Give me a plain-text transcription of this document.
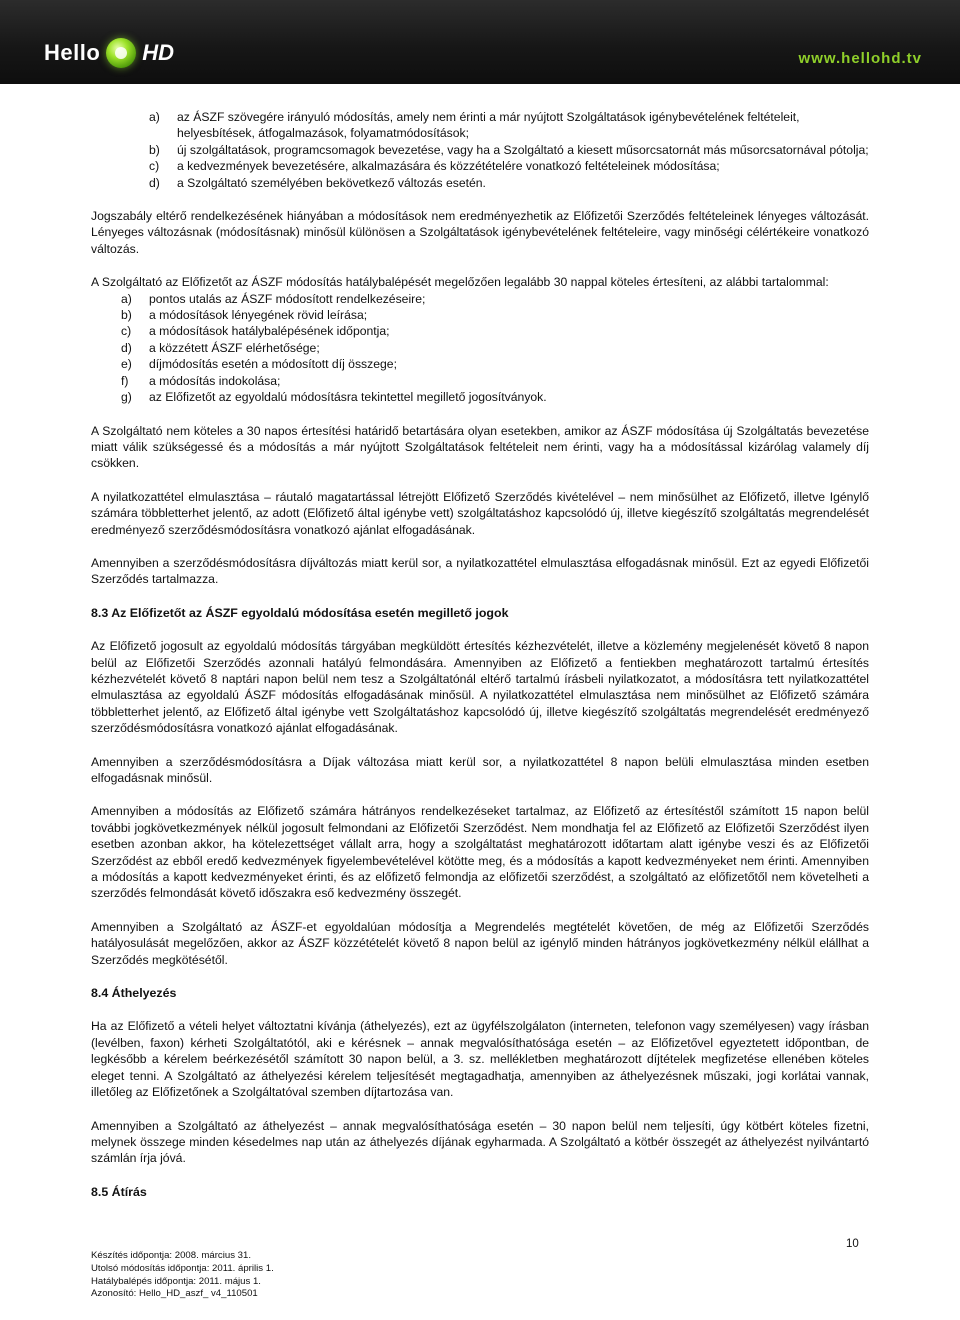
Hello HD	www.hellohd.tv
a)	az ÁSZF szövegére irányuló módosítás, amely nem érinti a már nyújtott Szolgáltatások igénybevételének feltételeit, helyesbítések, átfogalmazások, folyamatmódosítások;
b)	új szolgáltatások, programcsomagok bevezetése, vagy ha a Szolgáltató a kiesett műsorcsatornát más műsorcsatornával pótolja;
c)	a kedvezmények bevezetésére, alkalmazására és közzétételére vonatkozó feltételeinek módosítása;
d)	a Szolgáltató személyében bekövetkező változás esetén.

Jogszabály eltérő rendelkezésének hiányában a módosítások nem eredményezhetik az Előfizetői Szerződés feltételeinek lényeges változását. Lényeges változásnak (módosításnak) minősül különösen a Szolgáltatások igénybevételének feltételeire, vagy minőségi célértékeire vonatkozó változás.

A Szolgáltató az Előfizetőt az ÁSZF módosítás hatálybalépését megelőzően legalább 30 nappal köteles értesíteni, az alábbi tartalommal:

a)	pontos utalás az ÁSZF módosított rendelkezéseire;
b)	a módosítások lényegének rövid leírása;
c)	a módosítások hatálybalépésének időpontja;
d)	a közzétett ÁSZF elérhetősége;
e)	díjmódosítás esetén a módosított díj összege;
f)	a módosítás indokolása;
g)	az Előfizetőt az egyoldalú módosításra tekintettel megillető jogosítványok.

A Szolgáltató nem köteles a 30 napos értesítési határidő betartására olyan esetekben, amikor az ÁSZF módosítása új Szolgáltatás bevezetése miatt válik szükségessé és a módosítás a már nyújtott Szolgáltatások feltételeit nem érinti, vagy ha a módosítással kizárólag valamely díj csökken.

A nyilatkozattétel elmulasztása – ráutaló magatartással létrejött Előfizető Szerződés kivételével – nem minősülhet az Előfizető, illetve Igénylő számára többletterhet jelentő, az adott (Előfizető által igénybe vett) szolgáltatáshoz kapcsolódó új, illetve kiegészítő szolgáltatás megrendelését eredményező szerződésmódosításra vonatkozó ajánlat elfogadásának.

Amennyiben a szerződésmódosításra díjváltozás miatt kerül sor, a nyilatkozattétel elmulasztása elfogadásnak minősül. Ezt az egyedi Előfizetői Szerződés tartalmazza.

8.3 Az Előfizetőt az ÁSZF egyoldalú módosítása esetén megillető jogok

Az Előfizető jogosult az egyoldalú módosítás tárgyában megküldött értesítés kézhezvételét, illetve a közlemény megjelenését követő 8 napon belül az Előfizetői Szerződés azonnali hatályú felmondására. Amennyiben az Előfizető a fentiekben meghatározott tartalmú értesítés kézhezvételét követő 8 naptári napon belül nem tesz a Szolgáltatónál eltérő tartalmú írásbeli nyilatkozatot, a módosításra tett nyilatkozattétel elmulasztása az egyoldalú ÁSZF módosítás elfogadásának minősül. A nyilatkozattétel elmulasztása nem minősülhet az Előfizető számára többletterhet jelentő, az Előfizető által igénybe vett Szolgáltatáshoz kapcsolódó új, illetve kiegészítő szolgáltatás megrendelését eredményező szerződésmódosításra vonatkozó ajánlat elfogadásának.

Amennyiben a szerződésmódosításra a Díjak változása miatt kerül sor, a nyilatkozattétel 8 napon belüli elmulasztása minden esetben elfogadásnak minősül.

Amennyiben a módosítás az Előfizető számára hátrányos rendelkezéseket tartalmaz, az Előfizető az értesítéstől számított 15 napon belül további jogkövetkezmények nélkül jogosult felmondani az Előfizetői Szerződést. Nem mondhatja fel az Előfizető az Előfizetői Szerződést ilyen esetben azonban akkor, ha kötelezettséget vállalt arra, hogy a szolgáltatást meghatározott időtartam alatt igénybe veszi és az Előfizetői Szerződést az ebből eredő kedvezmények figyelembevételével kötötte meg, és a módosítás a kapott kedvezményeket nem érinti. Amennyiben a módosítás a kapott kedvezményeket érinti, és az előfizető felmondja az előfizetői szerződést, a szolgáltató az előfizetőtől nem követelheti a szerződés felmondását követő időszakra eső kedvezmény összegét.

Amennyiben a Szolgáltató az ÁSZF-et egyoldalúan módosítja a Megrendelés megtételét követően, de még az Előfizetői Szerződés hatályosulását megelőzően, akkor az ÁSZF közzétételét követő 8 napon belül az igénylő minden hátrányos jogkövetkezmény nélkül elállhat a Szerződés megkötésétől.

8.4 Áthelyezés

Ha az Előfizető a vételi helyet változtatni kívánja (áthelyezés), ezt az ügyfélszolgálaton (interneten, telefonon vagy személyesen) vagy írásban (levélben, faxon) kérheti Szolgáltatótól, aki e kérésnek – annak megvalósíthatósága esetén – az Előfizetővel egyeztetett időpontban, de legkésőbb a kérelem beérkezésétől számított 30 napon belül, a 3. sz. mellékletben meghatározott díjtételek megfizetése ellenében köteles eleget tenni. A Szolgáltató az áthelyezési kérelem teljesítését megtagadhatja, amennyiben az áthelyezésnek műszaki, jogi korlátai vannak, illetőleg az Előfizetőnek a Szolgáltatóval szemben díjtartozása van.

Amennyiben a Szolgáltató az áthelyezést – annak megvalósíthatósága esetén – 30 napon belül nem teljesíti, úgy kötbért köteles fizetni, melynek összege minden késedelmes nap után az áthelyezés díjának egyharmada. A Szolgáltató a kötbér összegét az áthelyezést nyilvántartó számlán írja jóvá.

8.5 Átírás
10
Készítés időpontja: 2008. március 31.
Utolsó módosítás időpontja: 2011. április 1.
Hatálybalépés időpontja: 2011. május 1.
Azonosító: Hello_HD_aszf_ v4_110501
